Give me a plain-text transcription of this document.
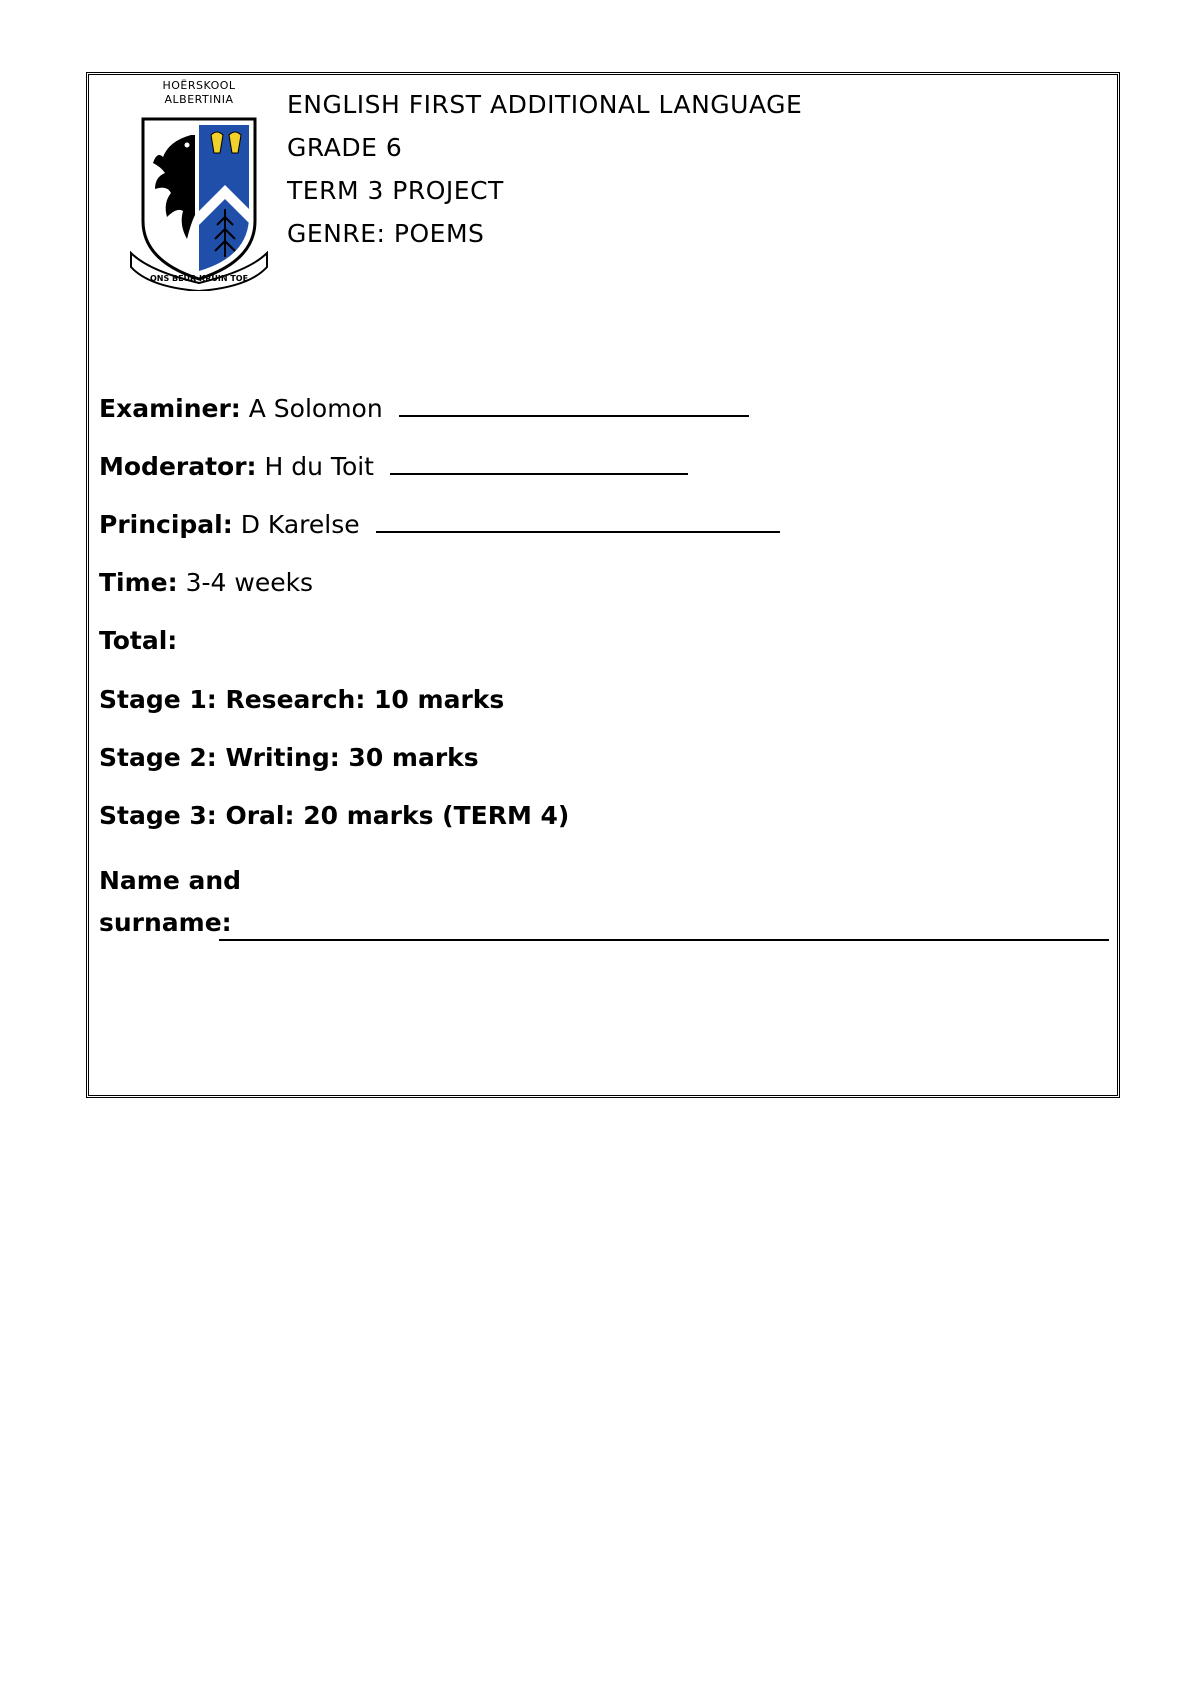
HOËRSKOOL
ALBERTINIA
ONS BEUR KRUIN TOE
ENGLISH FIRST ADDITIONAL LANGUAGE
GRADE 6
TERM 3 PROJECT
GENRE: POEMS
Examiner: A Solomon
Moderator: H du Toit
Principal: D Karelse
Time: 3-4 weeks
Total:
Stage 1: Research: 10 marks
Stage 2: Writing: 30 marks
Stage 3: Oral: 20 marks (TERM 4)
Name and
surname:
